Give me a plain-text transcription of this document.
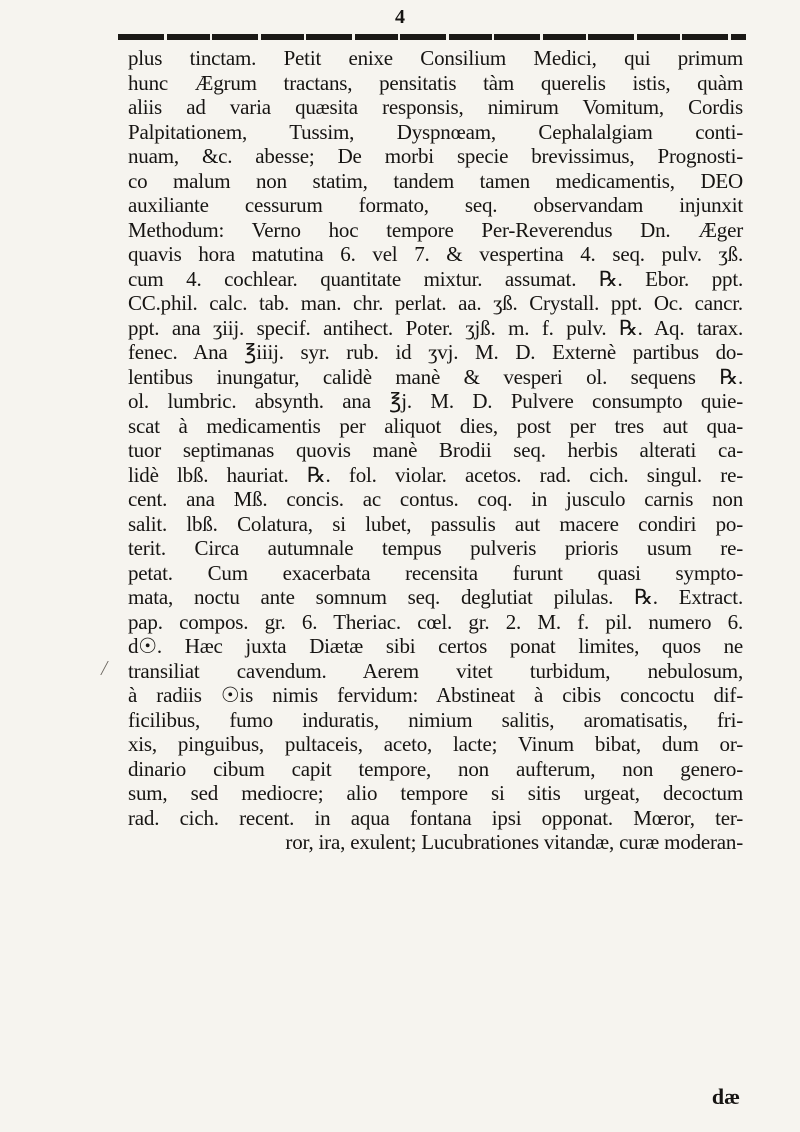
4
plus tinctam. Petit enixe Consilium Medici, qui primum
hunc Ægrum tractans, pensitatis tàm querelis istis, quàm
aliis ad varia quæsita responsis, nimirum Vomitum, Cordis
Palpitationem, Tussim, Dyspnœam, Cephalalgiam conti-
nuam, &c. abesse; De morbi specie brevissimus, Prognosti-
co malum non statim, tandem tamen medicamentis, DEO
auxiliante cessurum formato, seq. observandam injunxit
Methodum: Verno hoc tempore Per-Reverendus Dn. Æger
quavis hora matutina 6. vel 7. & vespertina 4. seq. pulv. ʒß.
cum 4. cochlear. quantitate mixtur. assumat. ℞. Ebor. ppt.
CC.phil. calc. tab. man. chr. perlat. aa. ʒß. Crystall. ppt. Oc. cancr.
ppt. ana ʒiij. specif. antihect. Poter. ʒjß. m. f. pulv. ℞. Aq. tarax.
fenec. Ana ℥iiij. syr. rub. id ʒvj. M. D. Externè partibus do-
lentibus inungatur, calidè manè & vesperi ol. sequens ℞.
ol. lumbric. absynth. ana ℥j. M. D. Pulvere consumpto quie-
scat à medicamentis per aliquot dies, post per tres aut qua-
tuor septimanas quovis manè Brodii seq. herbis alterati ca-
lidè lbß. hauriat. ℞. fol. violar. acetos. rad. cich. singul. re-
cent. ana Mß. concis. ac contus. coq. in jusculo carnis non
salit. lbß. Colatura, si lubet, passulis aut macere condiri po-
terit. Circa autumnale tempus pulveris prioris usum re-
petat. Cum exacerbata recensita furunt quasi sympto-
mata, noctu ante somnum seq. deglutiat pilulas. ℞. Extract.
pap. compos. gr. 6. Theriac. cœl. gr. 2. M. f. pil. numero 6.
d☉. Hæc juxta Diætæ sibi certos ponat limites, quos ne
transiliat cavendum. Aerem vitet turbidum, nebulosum,
à radiis ☉is nimis fervidum: Abstineat à cibis concoctu dif-
ficilibus, fumo induratis, nimium salitis, aromatisatis, fri-
xis, pinguibus, pultaceis, aceto, lacte; Vinum bibat, dum or-
dinario cibum capit tempore, non aufterum, non genero-
sum, sed mediocre; alio tempore si sitis urgeat, decoctum
rad. cich. recent. in aqua fontana ipsi opponat. Mœror, ter-
ror, ira, exulent; Lucubrationes vitandæ, curæ moderan-
dæ
